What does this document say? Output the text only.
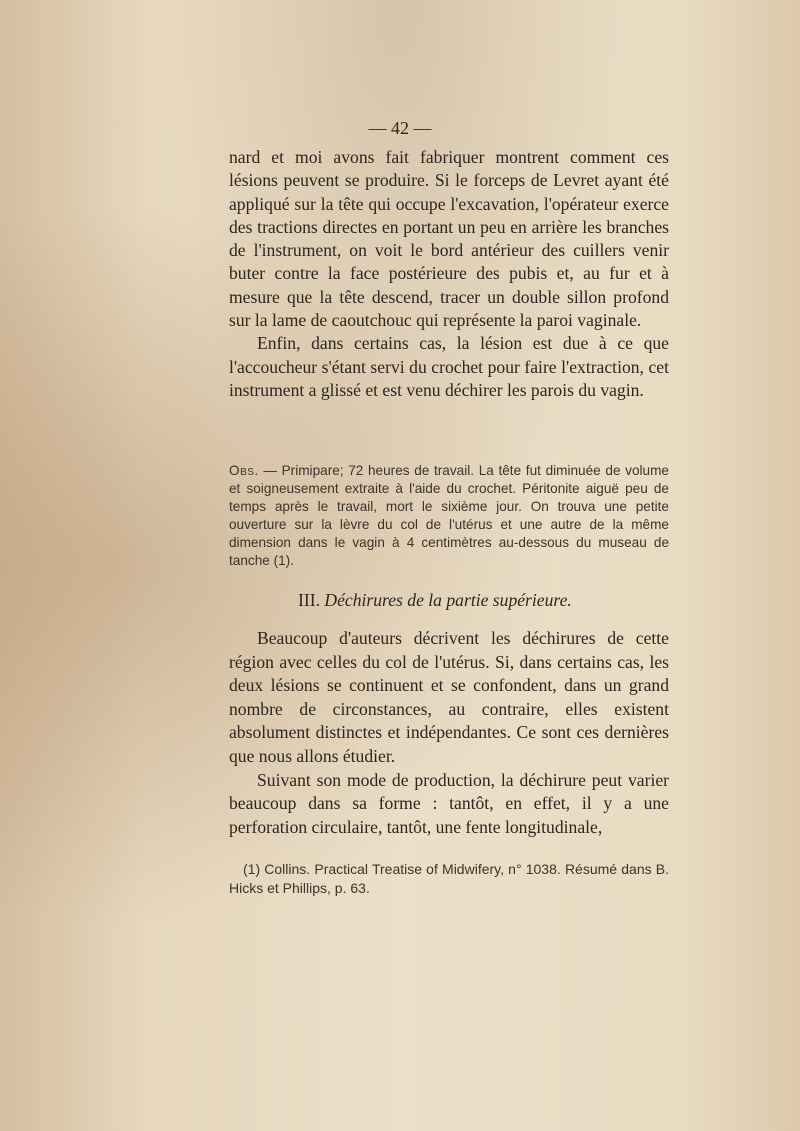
— 42 —

nard et moi avons fait fabriquer montrent comment ces lésions peuvent se produire. Si le forceps de Levret ayant été appliqué sur la tête qui occupe l'excavation, l'opérateur exerce des tractions directes en portant un peu en arrière les branches de l'instrument, on voit le bord antérieur des cuillers venir buter contre la face postérieure des pubis et, au fur et à mesure que la tête descend, tracer un double sillon profond sur la lame de caoutchouc qui représente la paroi vaginale.

Enfin, dans certains cas, la lésion est due à ce que l'accoucheur s'étant servi du crochet pour faire l'extraction, cet instrument a glissé et est venu déchirer les parois du vagin.

Obs. — Primipare; 72 heures de travail. La tête fut diminuée de volume et soigneusement extraite à l'aide du crochet. Péritonite aiguë peu de temps après le travail, mort le sixième jour. On trouva une petite ouverture sur la lèvre du col de l'utérus et une autre de la même dimension dans le vagin à 4 centimètres au-dessous du museau de tanche (1).

III. Déchirures de la partie supérieure.

Beaucoup d'auteurs décrivent les déchirures de cette région avec celles du col de l'utérus. Si, dans certains cas, les deux lésions se continuent et se confondent, dans un grand nombre de circonstances, au contraire, elles existent absolument distinctes et indépendantes. Ce sont ces dernières que nous allons étudier.

Suivant son mode de production, la déchirure peut varier beaucoup dans sa forme : tantôt, en effet, il y a une perforation circulaire, tantôt, une fente longitudinale,

(1) Collins. Practical Treatise of Midwifery, n° 1038. Résumé dans B. Hicks et Phillips, p. 63.
